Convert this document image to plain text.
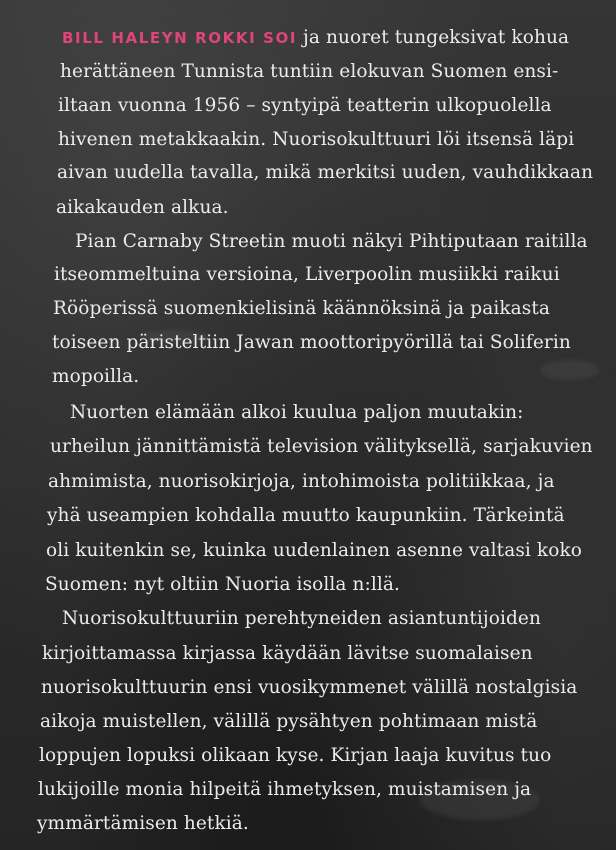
BILL HALEYN ROKKI SOI ja nuoret tungeksivat kohua
herättäneen Tunnista tuntiin elokuvan Suomen ensi-
iltaan vuonna 1956 – syntyipä teatterin ulkopuolella
hivenen metakkaakin. Nuorisokulttuuri löi itsensä läpi
aivan uudella tavalla, mikä merkitsi uuden, vauhdikkaan
aikakauden alkua.
Pian Carnaby Streetin muoti näkyi Pihtiputaan raitilla
itseommeltuina versioina, Liverpoolin musiikki raikui
Rööperissä suomenkielisinä käännöksinä ja paikasta
toiseen päristeltiin Jawan moottoripyörillä tai Soliferin
mopoilla.
Nuorten elämään alkoi kuulua paljon muutakin:
urheilun jännittämistä television välityksellä, sarjakuvien
ahmimista, nuorisokirjoja, intohimoista politiikkaa, ja
yhä useampien kohdalla muutto kaupunkiin. Tärkeintä
oli kuitenkin se, kuinka uudenlainen asenne valtasi koko
Suomen: nyt oltiin Nuoria isolla n:llä.
Nuorisokulttuuriin perehtyneiden asiantuntijoiden
kirjoittamassa kirjassa käydään lävitse suomalaisen
nuorisokulttuurin ensi vuosikymmenet välillä nostalgisia
aikoja muistellen, välillä pysähtyen pohtimaan mistä
loppujen lopuksi olikaan kyse. Kirjan laaja kuvitus tuo
lukijoille monia hilpeitä ihmetyksen, muistamisen ja
ymmärtämisen hetkiä.
